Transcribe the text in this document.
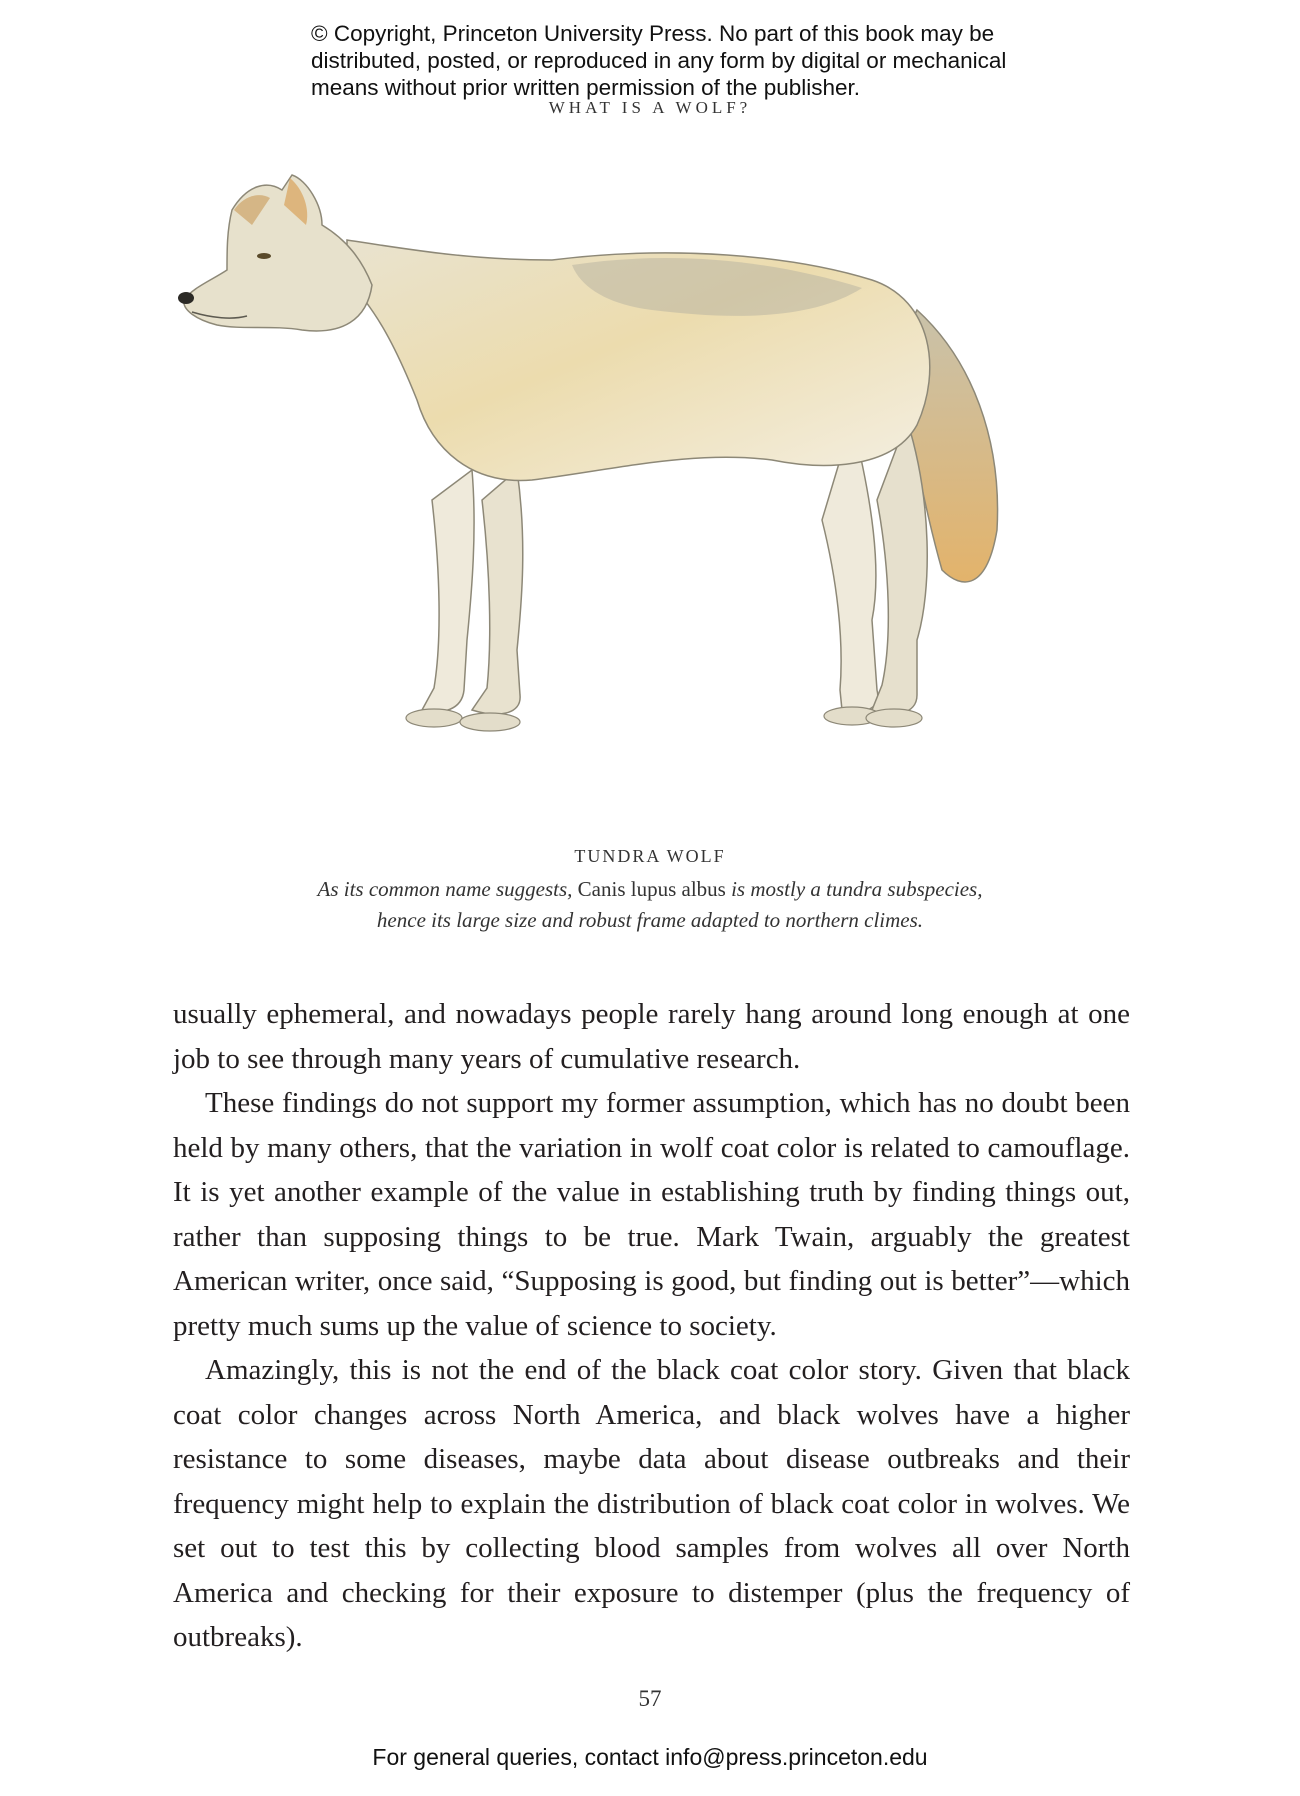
© Copyright, Princeton University Press. No part of this book may be
distributed, posted, or reproduced in any form by digital or mechanical
means without prior written permission of the publisher.
WHAT IS A WOLF?
TUNDRA WOLF
As its common name suggests, Canis lupus albus is mostly a tundra subspecies, hence its large size and robust frame adapted to northern climes.

usually ephemeral, and nowadays people rarely hang around long enough at one job to see through many years of cumulative research.

These findings do not support my former assumption, which has no doubt been held by many others, that the variation in wolf coat color is related to camouflage. It is yet another example of the value in establishing truth by finding things out, rather than supposing things to be true. Mark Twain, arguably the greatest American writer, once said, “Supposing is good, but finding out is better”—which pretty much sums up the value of science to society.

Amazingly, this is not the end of the black coat color story. Given that black coat color changes across North America, and black wolves have a higher resistance to some diseases, maybe data about disease outbreaks and their frequency might help to explain the distribution of black coat color in wolves. We set out to test this by collecting blood samples from wolves all over North America and checking for their exposure to distemper (plus the frequency of outbreaks).

57
For general queries, contact info@press.princeton.edu
